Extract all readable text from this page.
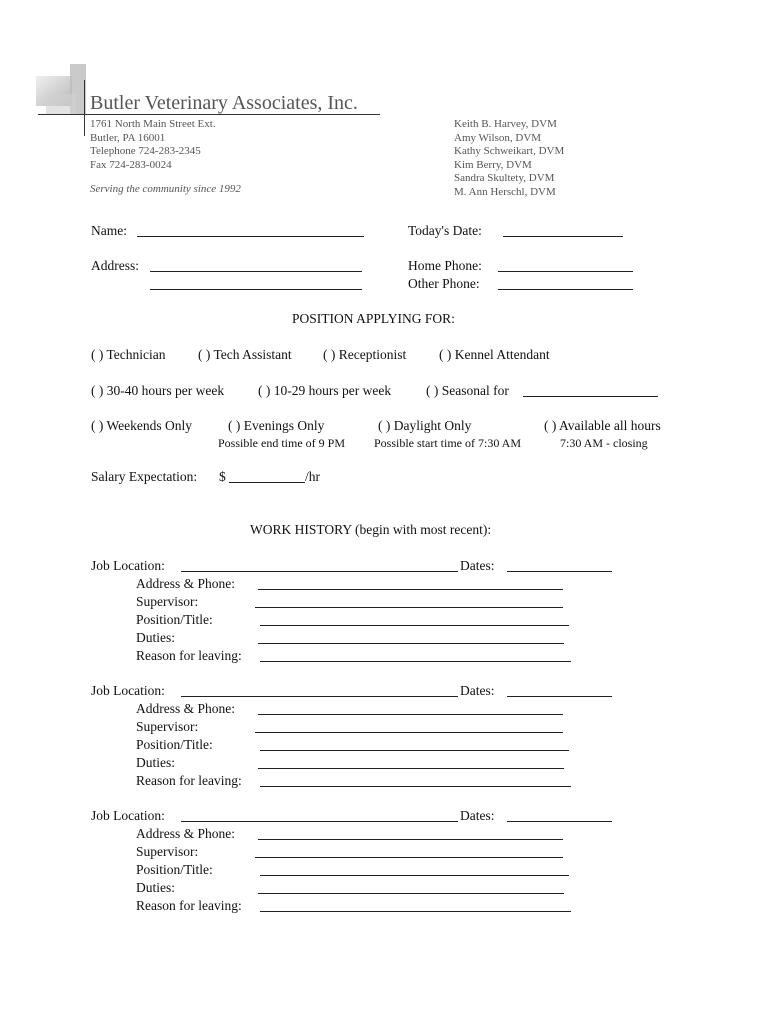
Butler Veterinary Associates, Inc.
1761 North Main Street Ext.
Butler, PA 16001
Telephone 724-283-2345
Fax 724-283-0024
Serving the community since 1992
Keith B. Harvey, DVM
Amy Wilson, DVM
Kathy Schweikart, DVM
Kim Berry, DVM
Sandra Skultety, DVM
M. Ann Herschl, DVM
Name:	Today's Date:
Address:	Home Phone:
Other Phone:
POSITION APPLYING FOR:
( ) Technician ( ) Tech Assistant ( ) Receptionist ( ) Kennel Attendant
( ) 30-40 hours per week	( ) 10-29 hours per week	( ) Seasonal for
( ) Weekends Only	( ) Evenings Only	( ) Daylight Only	( ) Available all hours
Possible end time of 9 PM Possible start time of 7:30 AM	7:30 AM - closing
Salary Expectation: $	/hr
WORK HISTORY (begin with most recent):
Job Location:	Dates:
Address & Phone:
Supervisor:
Position/Title:
Duties:
Reason for leaving:
Job Location:	Dates:
Address & Phone:
Supervisor:
Position/Title:
Duties:
Reason for leaving:
Job Location:	Dates:
Address & Phone:
Supervisor:
Position/Title:
Duties:
Reason for leaving:
